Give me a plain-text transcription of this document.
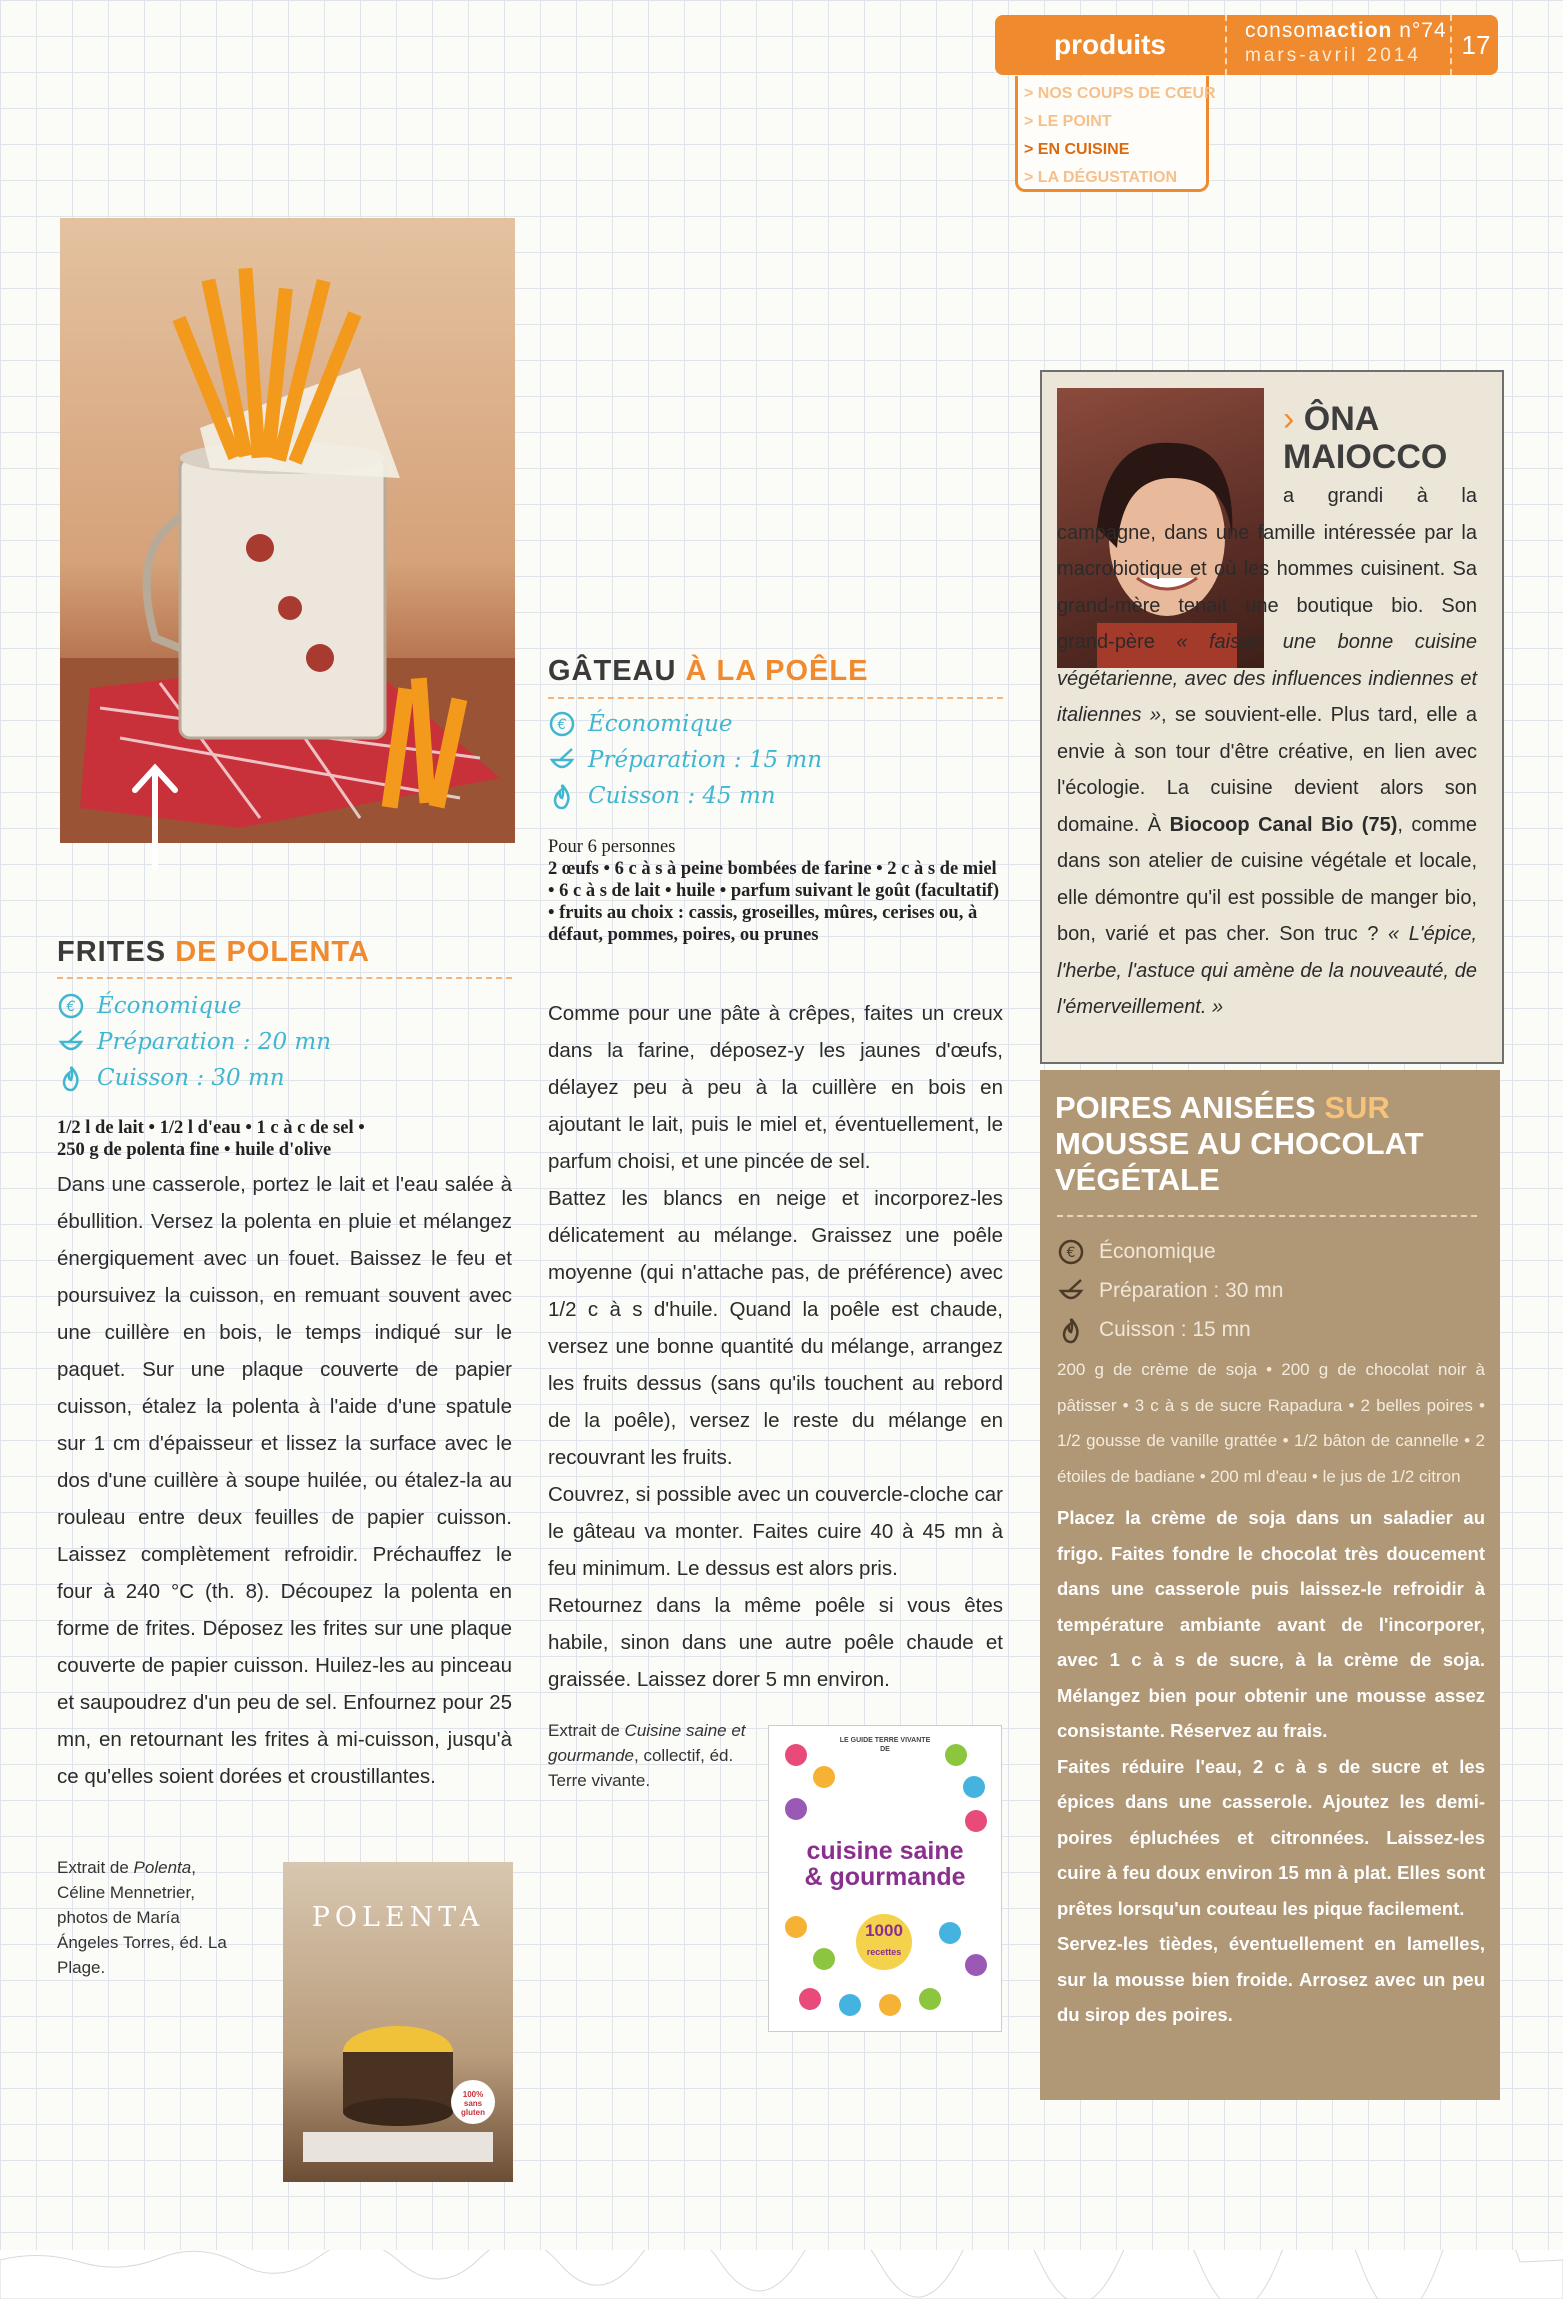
produits	consomaction n°74
mars-avril 2014	17
> NOS COUPS DE CŒUR
> LE POINT
> EN CUISINE
> LA DÉGUSTATION
FRITES DE POLENTA
€ Économique
Préparation : 20 mn
Cuisson : 30 mn
1/2 l de lait • 1/2 l d'eau • 1 c à c de sel •
250 g de polenta fine • huile d'olive

Dans une casserole, portez le lait et l'eau salée à ébullition. Versez la polenta en pluie et mélangez énergiquement avec un fouet. Baissez le feu et poursuivez la cuisson, en remuant souvent avec une cuillère en bois, le temps indiqué sur le paquet. Sur une plaque couverte de papier cuisson, étalez la polenta à l'aide d'une spatule sur 1 cm d'épaisseur et lissez la surface avec le dos d'une cuillère à soupe huilée, ou étalez-la au rouleau entre deux feuilles de papier cuisson. Laissez complètement refroidir. Préchauffez le four à 240 °C (th. 8). Découpez la polenta en forme de frites. Déposez les frites sur une plaque couverte de papier cuisson. Huilez-les au pinceau et saupoudrez d'un peu de sel. Enfournez pour 25 mn, en retournant les frites à mi-cuisson, jusqu'à ce qu'elles soient dorées et croustillantes.

Extrait de Polenta, Céline Mennetrier, photos de María Ángeles Torres, éd. La Plage.
POLENTA
100% sans gluten
GÂTEAU À LA POÊLE
€ Économique
Préparation : 15 mn
Cuisson : 45 mn
Pour 6 personnes
2 œufs • 6 c à s à peine bombées de farine • 2 c à s de miel • 6 c à s de lait • huile • parfum suivant le goût (facultatif) • fruits au choix : cassis, groseilles, mûres, cerises ou, à défaut, pommes, poires, ou prunes

Comme pour une pâte à crêpes, faites un creux dans la farine, déposez-y les jaunes d'œufs, délayez peu à peu à la cuillère en bois en ajoutant le lait, puis le miel et, éventuellement, le parfum choisi, et une pincée de sel.

Battez les blancs en neige et incorporez-les délicatement au mélange. Graissez une poêle moyenne (qui n'attache pas, de préférence) avec 1/2 c à s d'huile. Quand la poêle est chaude, versez une bonne quantité du mélange, arrangez les fruits dessus (sans qu'ils touchent au rebord de la poêle), versez le reste du mélange en recouvrant les fruits.

Couvrez, si possible avec un couvercle-cloche car le gâteau va monter. Faites cuire 40 à 45 mn à feu minimum. Le dessus est alors pris.

Retournez dans la même poêle si vous êtes habile, sinon dans une autre poêle chaude et graissée. Laissez dorer 5 mn environ.

Extrait de Cuisine saine et gourmande, collectif, éd. Terre vivante.
LE GUIDE TERRE VIVANTE DE
cuisine saine
& gourmande
1000
recettes
› ÔNA
MAIOCCO

a grandi à la campagne, dans une famille intéressée par la macrobiotique et où les hommes cuisinent. Sa grand-mère tenait une boutique bio. Son grand-père « faisait une bonne cuisine végétarienne, avec des influences indiennes et italiennes », se souvient-elle. Plus tard, elle a envie à son tour d'être créative, en lien avec l'écologie. La cuisine devient alors son domaine. À Biocoop Canal Bio (75), comme dans son atelier de cuisine végétale et locale, elle démontre qu'il est possible de manger bio, bon, varié et pas cher. Son truc ? « L'épice, l'herbe, l'astuce qui amène de la nouveauté, de l'émerveillement. »

POIRES ANISÉES SUR MOUSSE AU CHOCOLAT VÉGÉTALE
€ Économique
Préparation : 30 mn
Cuisson : 15 mn
200 g de crème de soja • 200 g de chocolat noir à pâtisser • 3 c à s de sucre Rapadura • 2 belles poires • 1/2 gousse de vanille grattée • 1/2 bâton de cannelle • 2 étoiles de badiane • 200 ml d'eau • le jus de 1/2 citron

Placez la crème de soja dans un saladier au frigo. Faites fondre le chocolat très doucement dans une casserole puis laissez-le refroidir à température ambiante avant de l'incorporer, avec 1 c à s de sucre, à la crème de soja. Mélangez bien pour obtenir une mousse assez consistante. Réservez au frais.

Faites réduire l'eau, 2 c à s de sucre et les épices dans une casserole. Ajoutez les demi-poires épluchées et citronnées. Laissez-les cuire à feu doux environ 15 mn à plat. Elles sont prêtes lorsqu'un couteau les pique facilement.

Servez-les tièdes, éventuellement en lamelles, sur la mousse bien froide. Arrosez avec un peu du sirop des poires.
